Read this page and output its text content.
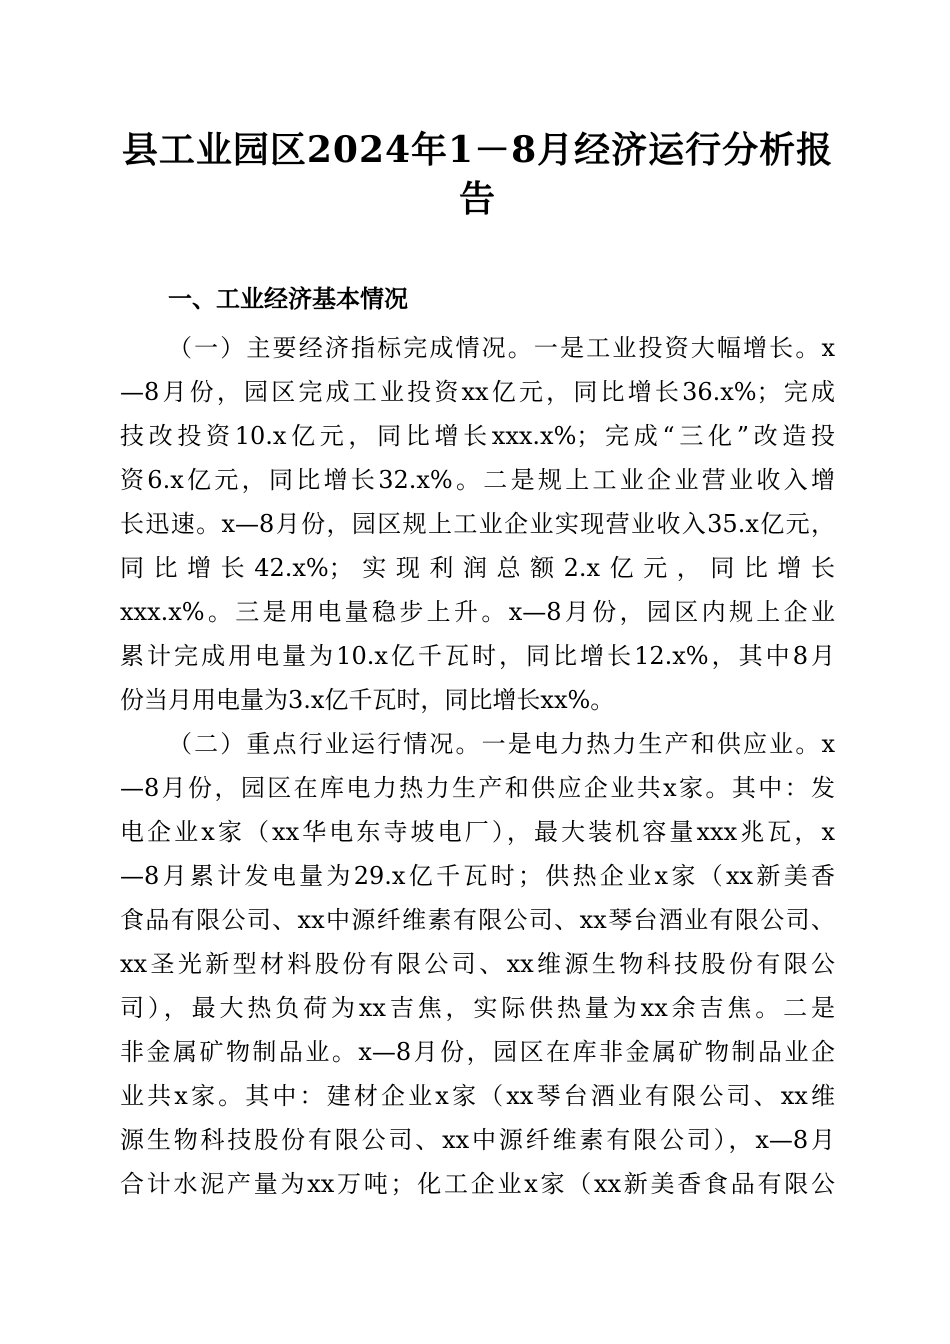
县工业园区2024年1－8月经济运行分析报告
一、工业经济基本情况
（一）主要经济指标完成情况。一是工业投资大幅增长。x
—8月份，园区完成工业投资xx亿元，同比增长36.x%；完成
技改投资10.x亿元，同比增长xxx.x%；完成“三化”改造投
资6.x亿元，同比增长32.x%。二是规上工业企业营业收入增
长迅速。x—8月份，园区规上工业企业实现营业收入35.x亿元，
同比增长42.x%；实现利润总额2.x亿元，同比增长
xxx.x%。三是用电量稳步上升。x—8月份，园区内规上企业
累计完成用电量为10.x亿千瓦时，同比增长12.x%，其中8月
份当月用电量为3.x亿千瓦时，同比增长xx%。
（二）重点行业运行情况。一是电力热力生产和供应业。x
—8月份，园区在库电力热力生产和供应企业共x家。其中：发
电企业x家（xx华电东寺坡电厂），最大装机容量xxx兆瓦，x
—8月累计发电量为29.x亿千瓦时；供热企业x家（xx新美香
食品有限公司、xx中源纤维素有限公司、xx琴台酒业有限公司、
xx圣光新型材料股份有限公司、xx维源生物科技股份有限公
司），最大热负荷为xx吉焦，实际供热量为xx余吉焦。二是
非金属矿物制品业。x—8月份，园区在库非金属矿物制品业企
业共x家。其中：建材企业x家（xx琴台酒业有限公司、xx维
源生物科技股份有限公司、xx中源纤维素有限公司），x—8月
合计水泥产量为xx万吨；化工企业x家（xx新美香食品有限公
